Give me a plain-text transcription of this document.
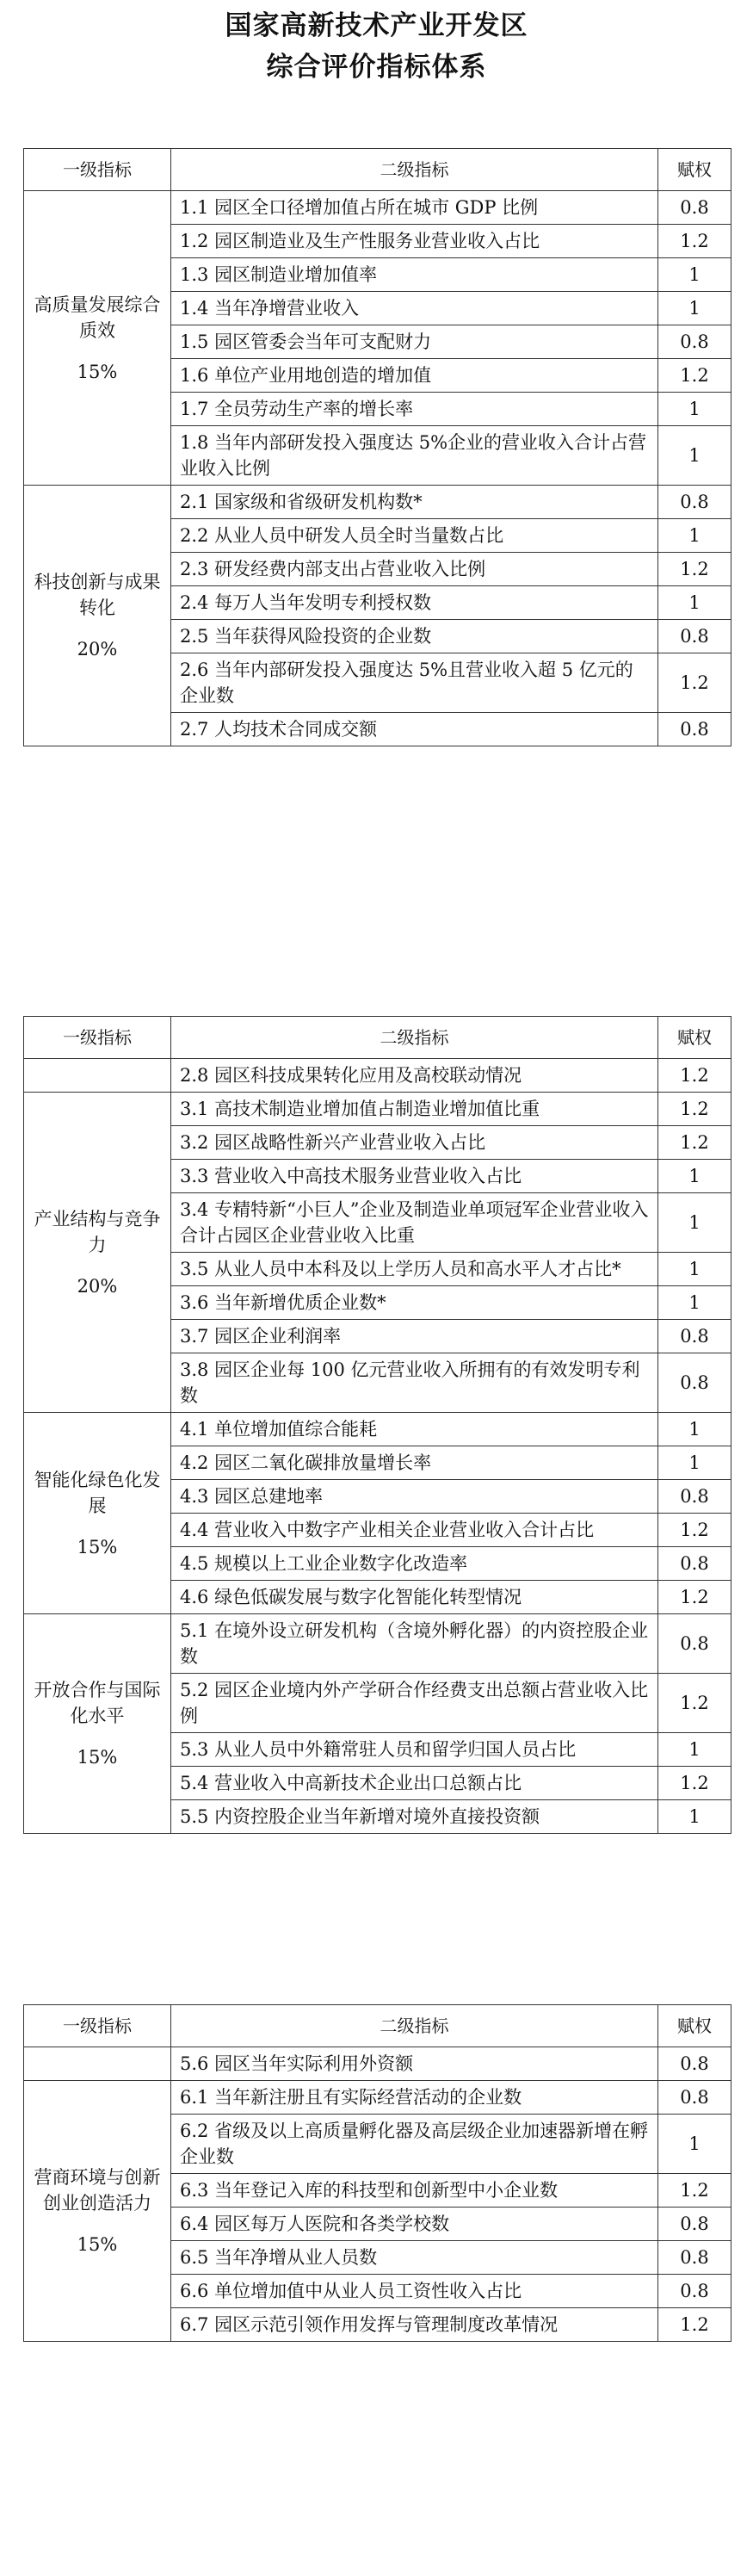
国家高新技术产业开发区
综合评价指标体系
一级指标	二级指标	赋权

高质量发展综合质效
15%	1.1 园区全口径增加值占所在城市 GDP 比例	0.8
	1.2 园区制造业及生产性服务业营业收入占比	1.2
	1.3 园区制造业增加值率	1
	1.4 当年净增营业收入	1
	1.5 园区管委会当年可支配财力	0.8
	1.6 单位产业用地创造的增加值	1.2
	1.7 全员劳动生产率的增长率	1
	1.8 当年内部研发投入强度达 5%企业的营业收入合计占营业收入比例	1

科技创新与成果转化
20%	2.1 国家级和省级研发机构数*	0.8
	2.2 从业人员中研发人员全时当量数占比	1
	2.3 研发经费内部支出占营业收入比例	1.2
	2.4 每万人当年发明专利授权数	1
	2.5 当年获得风险投资的企业数	0.8
	2.6 当年内部研发投入强度达 5%且营业收入超 5 亿元的企业数	1.2
	2.7 人均技术合同成交额	0.8
一级指标	二级指标	赋权

	2.8 园区科技成果转化应用及高校联动情况	1.2

产业结构与竞争力
20%	3.1 高技术制造业增加值占制造业增加值比重	1.2
	3.2 园区战略性新兴产业营业收入占比	1.2
	3.3 营业收入中高技术服务业营业收入占比	1
	3.4 专精特新“小巨人”企业及制造业单项冠军企业营业收入合计占园区企业营业收入比重	1
	3.5 从业人员中本科及以上学历人员和高水平人才占比*	1
	3.6 当年新增优质企业数*	1
	3.7 园区企业利润率	0.8
	3.8 园区企业每 100 亿元营业收入所拥有的有效发明专利数	0.8

智能化绿色化发展
15%	4.1 单位增加值综合能耗	1
	4.2 园区二氧化碳排放量增长率	1
	4.3 园区总建地率	0.8
	4.4 营业收入中数字产业相关企业营业收入合计占比	1.2
	4.5 规模以上工业企业数字化改造率	0.8
	4.6 绿色低碳发展与数字化智能化转型情况	1.2

开放合作与国际化水平
15%	5.1 在境外设立研发机构（含境外孵化器）的内资控股企业数	0.8
	5.2 园区企业境内外产学研合作经费支出总额占营业收入比例	1.2
	5.3 从业人员中外籍常驻人员和留学归国人员占比	1
	5.4 营业收入中高新技术企业出口总额占比	1.2
	5.5 内资控股企业当年新增对境外直接投资额	1
一级指标	二级指标	赋权

	5.6 园区当年实际利用外资额	0.8

营商环境与创新创业创造活力
15%	6.1 当年新注册且有实际经营活动的企业数	0.8
	6.2 省级及以上高质量孵化器及高层级企业加速器新增在孵企业数	1
	6.3 当年登记入库的科技型和创新型中小企业数	1.2
	6.4 园区每万人医院和各类学校数	0.8
	6.5 当年净增从业人员数	0.8
	6.6 单位增加值中从业人员工资性收入占比	0.8
	6.7 园区示范引领作用发挥与管理制度改革情况	1.2
